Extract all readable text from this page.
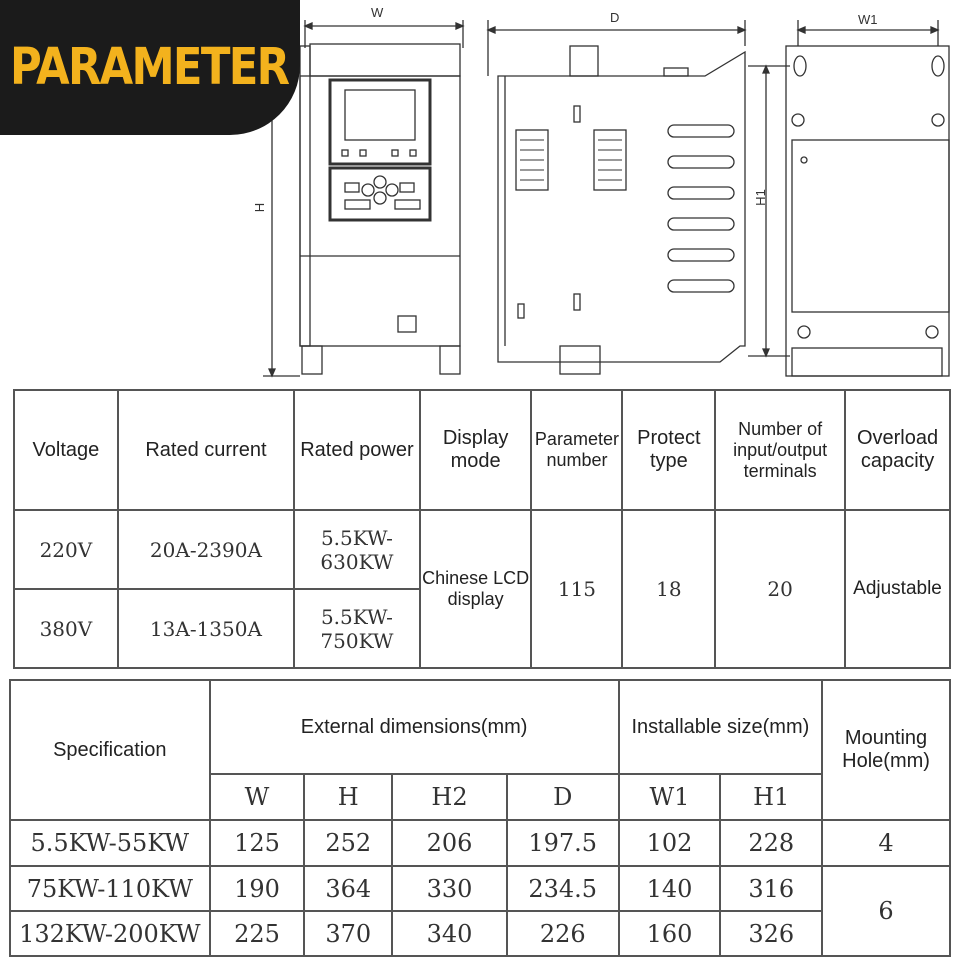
W	D	W1
H
H1
PARAMETER
Voltage	Rated current	Rated power	Display mode	Parameter number	Protect type	Number of input/output terminals	Overload capacity
220V	20A-2390A	5.5KW-630KW	Chinese LCD display	115	18	20	Adjustable
380V	13A-1350A	5.5KW-750KW					
Specification	External dimensions(mm)				Installable size(mm)		Mounting Hole(mm)
	W	H	H2	D	W1	H1	
5.5KW-55KW	125	252	206	197.5	102	228	4
75KW-110KW	190	364	330	234.5	140	316	6
132KW-200KW	225	370	340	226	160	326	
